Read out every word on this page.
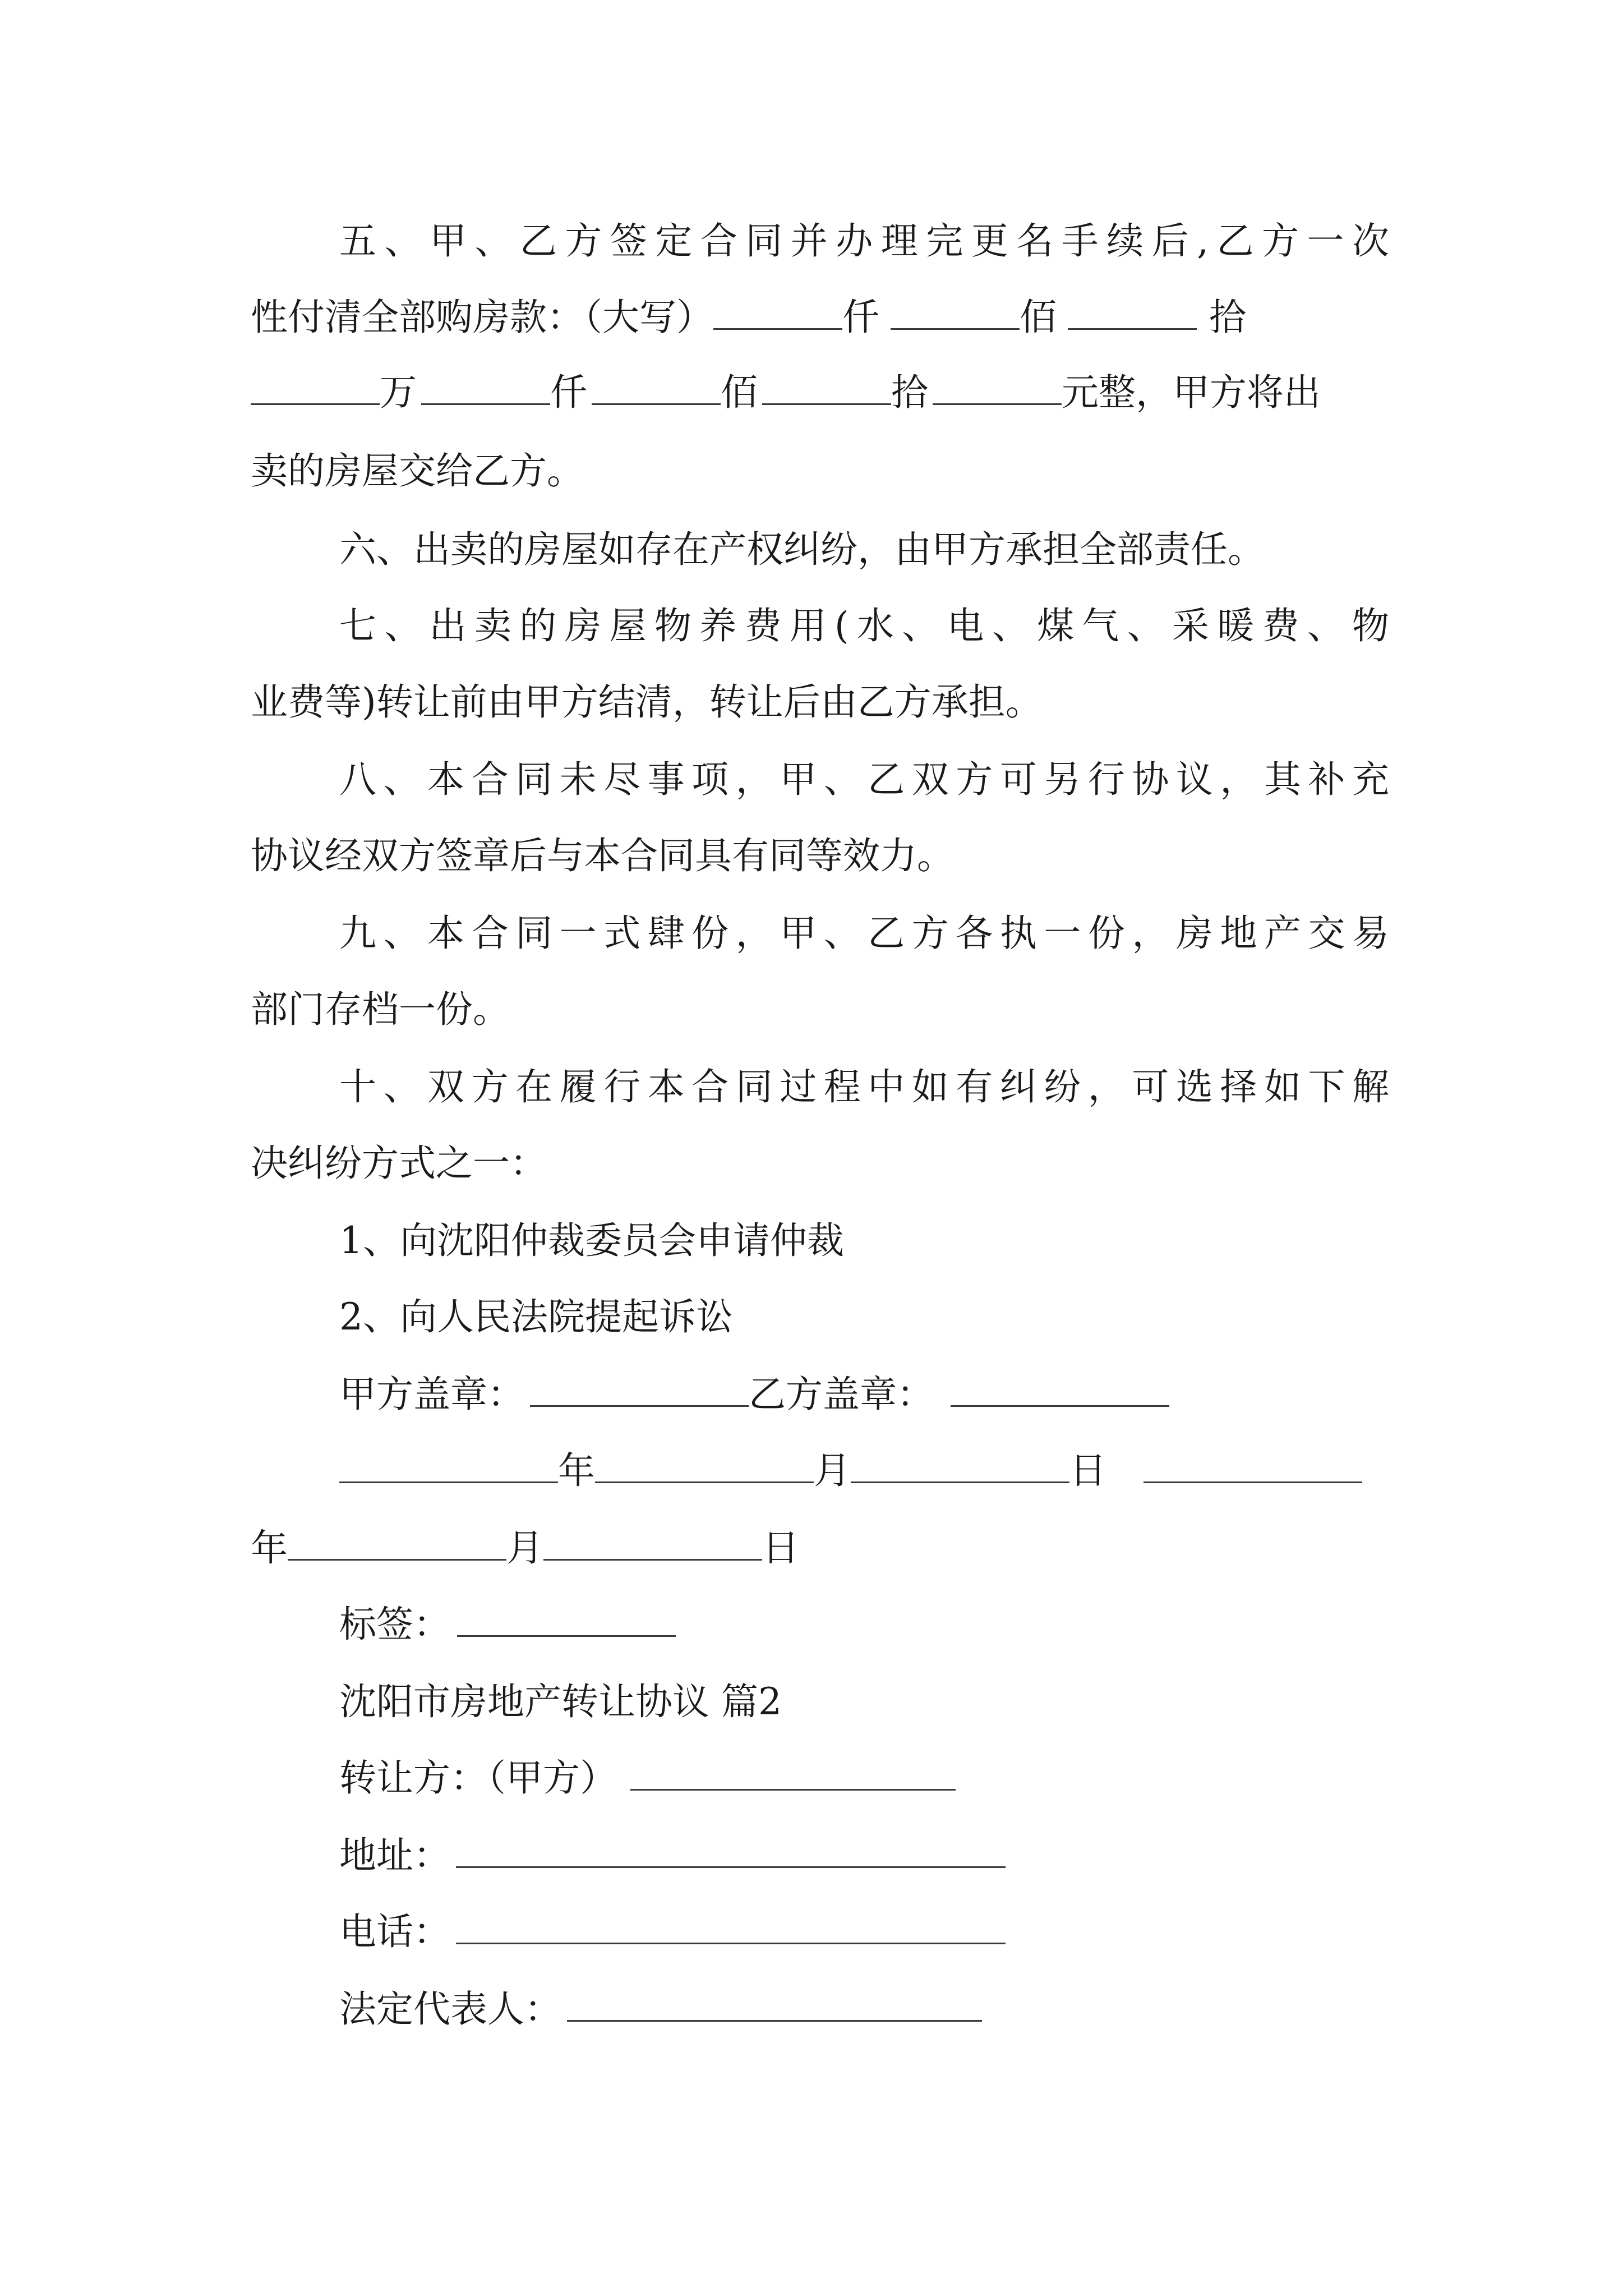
五、甲、乙方签定合同并办理完更名手续后,乙方一次
性付清全部购房款：（大写）	仟	佰	拾
万	仟	佰	拾	元整，甲方将出
卖的房屋交给乙方。
六、出卖的房屋如存在产权纠纷，由甲方承担全部责任。
七、出卖的房屋物养费用(水、电、煤气、采暖费、物
业费等)转让前由甲方结清，转让后由乙方承担。
八、本合同未尽事项，甲、乙双方可另行协议，其补充
协议经双方签章后与本合同具有同等效力。
九、本合同一式肆份，甲、乙方各执一份，房地产交易
部门存档一份。
十、双方在履行本合同过程中如有纠纷，可选择如下解
决纠纷方式之一：
1、向沈阳仲裁委员会申请仲裁
2、向人民法院提起诉讼
甲方盖章：	乙方盖章：
年	月	日
年	月	日
标签：
沈阳市房地产转让协议 篇2
转让方：（甲方）
地址：
电话：
法定代表人：
